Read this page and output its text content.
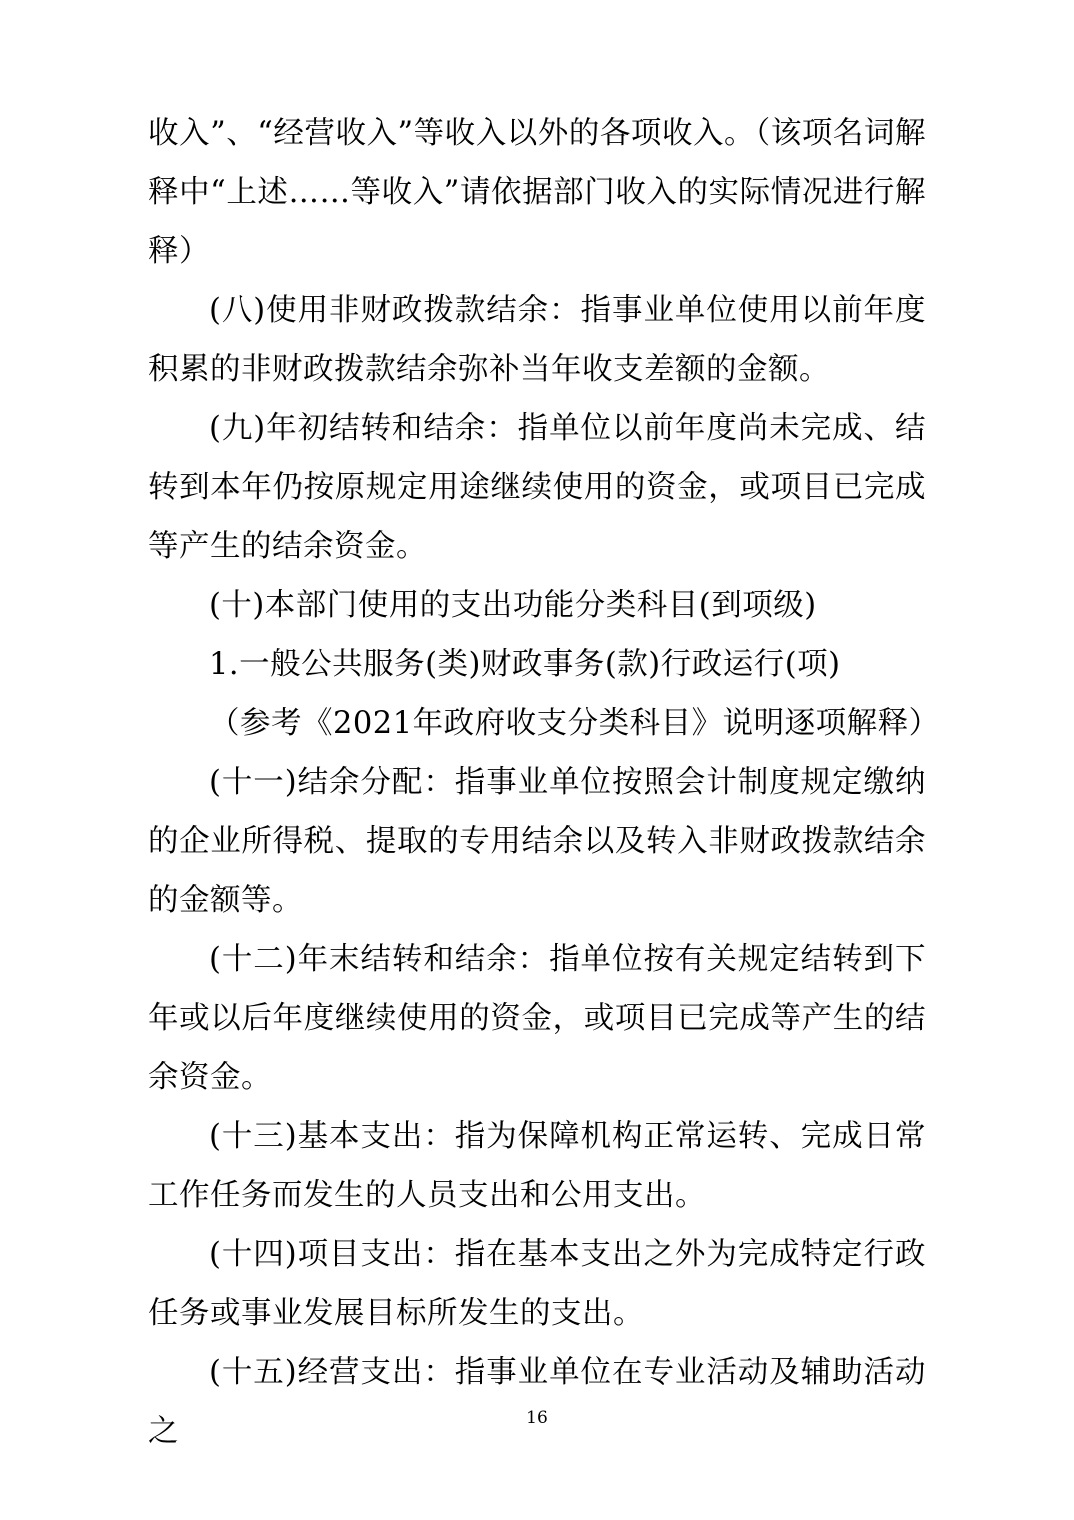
收入”、“经营收入”等收入以外的各项收入。（该项名词解释中“上述……等收入”请依据部门收入的实际情况进行解释）

(八)使用非财政拨款结余：指事业单位使用以前年度积累的非财政拨款结余弥补当年收支差额的金额。

(九)年初结转和结余：指单位以前年度尚未完成、结转到本年仍按原规定用途继续使用的资金，或项目已完成等产生的结余资金。

(十)本部门使用的支出功能分类科目(到项级)

1.一般公共服务(类)财政事务(款)行政运行(项)

（参考《2021年政府收支分类科目》说明逐项解释）

(十一)结余分配：指事业单位按照会计制度规定缴纳的企业所得税、提取的专用结余以及转入非财政拨款结余的金额等。

(十二)年末结转和结余：指单位按有关规定结转到下年或以后年度继续使用的资金，或项目已完成等产生的结余资金。

(十三)基本支出：指为保障机构正常运转、完成日常工作任务而发生的人员支出和公用支出。

(十四)项目支出：指在基本支出之外为完成特定行政任务或事业发展目标所发生的支出。

(十五)经营支出：指事业单位在专业活动及辅助活动之	16
